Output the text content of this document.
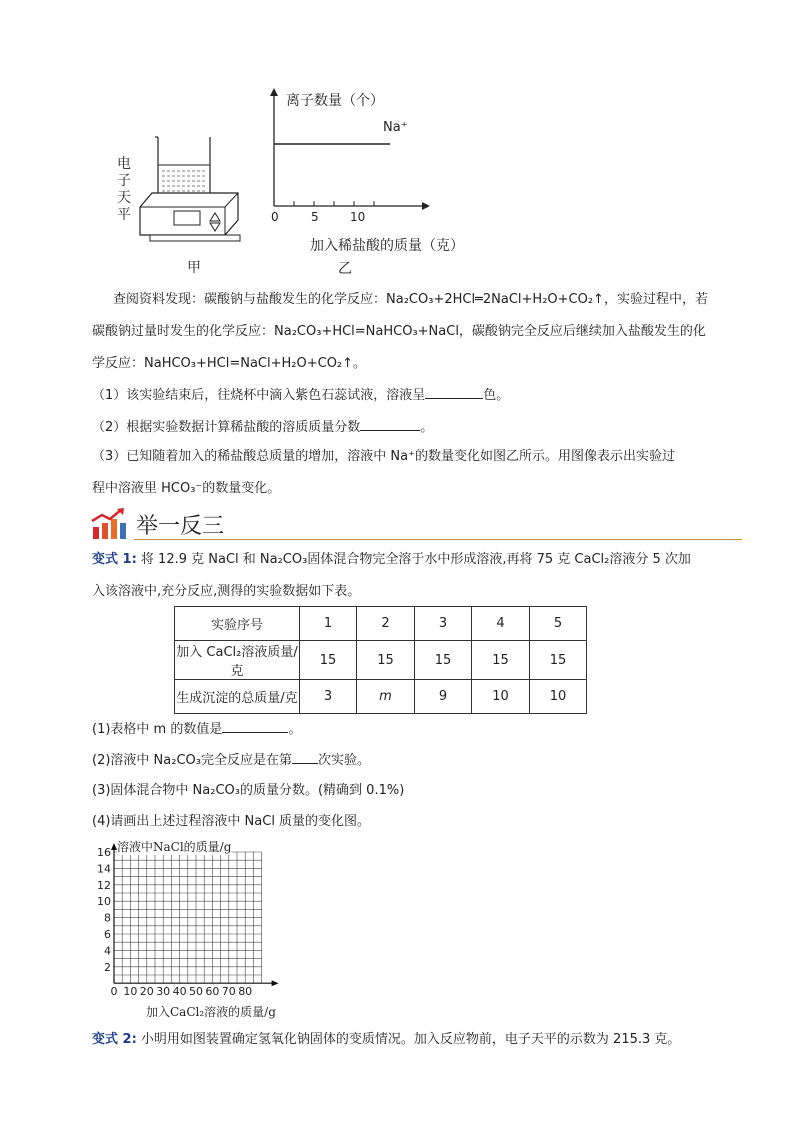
电
子
天
平
甲
离子数量（个）
Na⁺
0	5	10
加入稀盐酸的质量（克）
乙
查阅资料发现：碳酸钠与盐酸发生的化学反应：Na₂CO₃+2HCl═2NaCl+H₂O+CO₂↑，实验过程中，若
碳酸钠过量时发生的化学反应：Na₂CO₃+HCl=NaHCO₃+NaCl，碳酸钠完全反应后继续加入盐酸发生的化
学反应：NaHCO₃+HCl=NaCl+H₂O+CO₂↑。
（1）该实验结束后，往烧杯中滴入紫色石蕊试液，溶液呈	色。
（2）根据实验数据计算稀盐酸的溶质质量分数	。
（3）已知随着加入的稀盐酸总质量的增加，溶液中 Na⁺的数量变化如图乙所示。用图像表示出实验过
程中溶液里 HCO₃⁻的数量变化。
举一反三
变式 1: 将 12.9 克 NaCl 和 Na₂CO₃固体混合物完全溶于水中形成溶液,再将 75 克 CaCl₂溶液分 5 次加
入该溶液中,充分反应,测得的实验数据如下表。
实验序号	1	2	3	4	5
加入 CaCl₂溶液质量/克	15	15	15	15	15
生成沉淀的总质量/克	3	m	9	10	10
(1)表格中 m 的数值是	。
(2)溶液中 Na₂CO₃完全反应是在第 次实验。
(3)固体混合物中 Na₂CO₃的质量分数。(精确到 0.1%)
(4)请画出上述过程溶液中 NaCl 质量的变化图。
16
14
12
10
8
6
4
2
0 10 20 30 40 50 60 70 80
溶液中NaCl的质量/g
加入CaCl₂溶液的质量/g
变式 2: 小明用如图装置确定氢氧化钠固体的变质情况。加入反应物前，电子天平的示数为 215.3 克。
